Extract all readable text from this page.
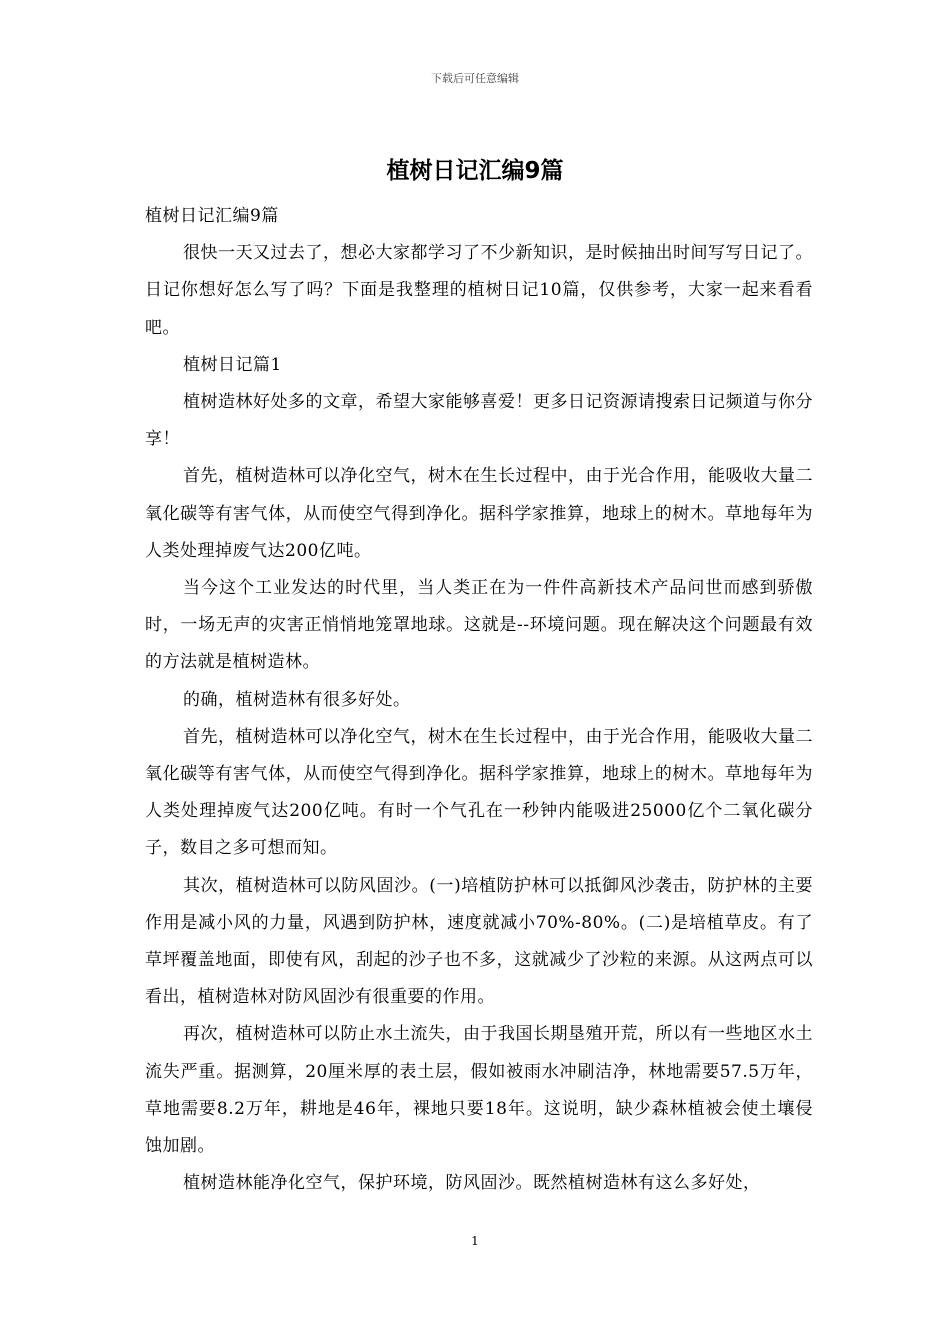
下载后可任意编辑
植树日记汇编9篇

植树日记汇编9篇

很快一天又过去了，想必大家都学习了不少新知识，是时候抽出时间写写日记了。日记你想好怎么写了吗？下面是我整理的植树日记10篇，仅供参考，大家一起来看看吧。

植树日记篇1

植树造林好处多的文章，希望大家能够喜爱！更多日记资源请搜索日记频道与你分享！

首先，植树造林可以净化空气，树木在生长过程中，由于光合作用，能吸收大量二氧化碳等有害气体，从而使空气得到净化。据科学家推算，地球上的树木。草地每年为人类处理掉废气达200亿吨。

当今这个工业发达的时代里，当人类正在为一件件高新技术产品问世而感到骄傲时，一场无声的灾害正悄悄地笼罩地球。这就是--环境问题。现在解决这个问题最有效的方法就是植树造林。

的确，植树造林有很多好处。

首先，植树造林可以净化空气，树木在生长过程中，由于光合作用，能吸收大量二氧化碳等有害气体，从而使空气得到净化。据科学家推算，地球上的树木。草地每年为人类处理掉废气达200亿吨。有时一个气孔在一秒钟内能吸进25000亿个二氧化碳分子，数目之多可想而知。

其次，植树造林可以防风固沙。(一)培植防护林可以抵御风沙袭击，防护林的主要作用是减小风的力量，风遇到防护林，速度就减小70%-80%。(二)是培植草皮。有了草坪覆盖地面，即使有风，刮起的沙子也不多，这就减少了沙粒的来源。从这两点可以看出，植树造林对防风固沙有很重要的作用。

再次，植树造林可以防止水土流失，由于我国长期垦殖开荒，所以有一些地区水土流失严重。据测算，20厘米厚的表土层，假如被雨水冲刷洁净，林地需要57.5万年，草地需要8.2万年，耕地是46年，裸地只要18年。这说明，缺少森林植被会使土壤侵蚀加剧。

植树造林能净化空气，保护环境，防风固沙。既然植树造林有这么多好处，

1
